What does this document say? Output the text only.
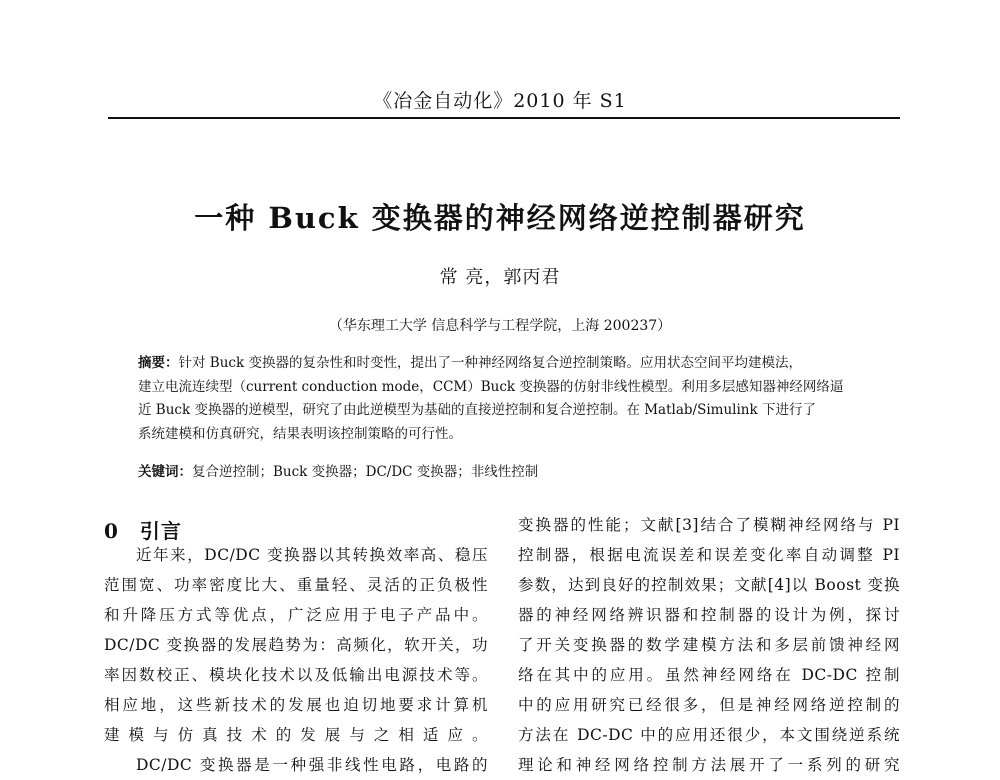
《冶金自动化》2010 年 S1
一种 Buck 变换器的神经网络逆控制器研究
常 亮，郭丙君
（华东理工大学 信息科学与工程学院，上海 200237）
摘要：针对 Buck 变换器的复杂性和时变性，提出了一种神经网络复合逆控制策略。应用状态空间平均建模法，
建立电流连续型（current conduction mode，CCM）Buck 变换器的仿射非线性模型。利用多层感知器神经网络逼
近 Buck 变换器的逆模型，研究了由此逆模型为基础的直接逆控制和复合逆控制。在 Matlab/Simulink 下进行了
系统建模和仿真研究，结果表明该控制策略的可行性。
关键词：复合逆控制；Buck 变换器；DC/DC 变换器；非线性控制
0　引言
近年来，DC/DC 变换器以其转换效率高、稳压
范围宽、功率密度比大、重量轻、灵活的正负极性
和升降压方式等优点，广泛应用于电子产品中。
DC/DC 变换器的发展趋势为：高频化，软开关，功
率因数校正、模块化技术以及低输出电源技术等。
相应地，这些新技术的发展也迫切地要求计算机
建模与仿真技术的发展与之相适应。
DC/DC 变换器是一种强非线性电路，电路的
变换器的性能；文献[3]结合了模糊神经网络与 PI
控制器，根据电流误差和误差变化率自动调整 PI
参数，达到良好的控制效果；文献[4]以 Boost 变换
器的神经网络辨识器和控制器的设计为例，探讨
了开关变换器的数学建模方法和多层前馈神经网
络在其中的应用。虽然神经网络在 DC-DC 控制
中的应用研究已经很多，但是神经网络逆控制的
方法在 DC-DC 中的应用还很少，本文围绕逆系统
理论和神经网络控制方法展开了一系列的研究
